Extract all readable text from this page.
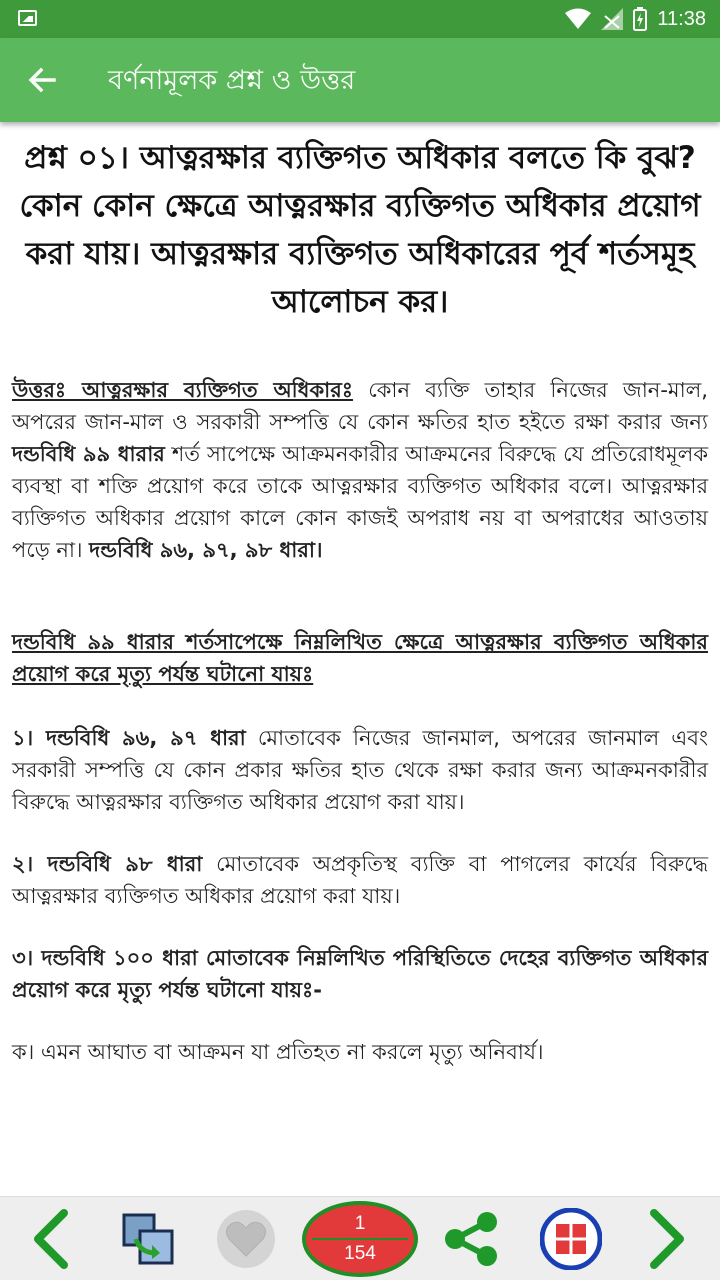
11:38
বর্ণনামূলক প্রশ্ন ও উত্তর
প্রশ্ন ০১। আত্নরক্ষার ব্যক্তিগত অধিকার বলতে কি বুঝ? কোন কোন ক্ষেত্রে আত্নরক্ষার ব্যক্তিগত অধিকার প্রয়োগ করা যায়। আত্নরক্ষার ব্যক্তিগত অধিকারের পূর্ব শর্তসমূহ আলোচন কর।

উত্তরঃ আত্নরক্ষার ব্যক্তিগত অধিকারঃ কোন ব্যক্তি তাহার নিজের জান-মাল, অপরের জান-মাল ও সরকারী সম্পত্তি যে কোন ক্ষতির হাত হইতে রক্ষা করার জন্য দন্ডবিধি ৯৯ ধারার শর্ত সাপেক্ষে আক্রমনকারীর আক্রমনের বিরুদ্ধে যে প্রতিরোধমূলক ব্যবস্থা বা শক্তি প্রয়োগ করে তাকে আত্নরক্ষার ব্যক্তিগত অধিকার বলে। আত্নরক্ষার ব্যক্তিগত অধিকার প্রয়োগ কালে কোন কাজই অপরাধ নয় বা অপরাধের আওতায় পড়ে না। দন্ডবিধি ৯৬, ৯৭, ৯৮ ধারা।

দন্ডবিধি ৯৯ ধারার শর্তসাপেক্ষে নিম্নলিখিত ক্ষেত্রে আত্নরক্ষার ব্যক্তিগত অধিকার প্রয়োগ করে মৃত্যু পর্যন্ত ঘটানো যায়ঃ

১। দন্ডবিধি ৯৬, ৯৭ ধারা মোতাবেক নিজের জানমাল, অপরের জানমাল এবং সরকারী সম্পত্তি যে কোন প্রকার ক্ষতির হাত থেকে রক্ষা করার জন্য আক্রমনকারীর বিরুদ্ধে আত্নরক্ষার ব্যক্তিগত অধিকার প্রয়োগ করা যায়।

২। দন্ডবিধি ৯৮ ধারা মোতাবেক অপ্রকৃতিস্থ ব্যক্তি বা পাগলের কার্যের বিরুদ্ধে আত্নরক্ষার ব্যক্তিগত অধিকার প্রয়োগ করা যায়।

৩। দন্ডবিধি ১০০ ধারা মোতাবেক নিম্নলিখিত পরিস্থিতিতে দেহের ব্যক্তিগত অধিকার প্রয়োগ করে মৃত্যু পর্যন্ত ঘটানো যায়ঃ-

ক। এমন আঘাত বা আক্রমন যা প্রতিহত না করলে মৃত্যু অনিবার্য।

1
154
